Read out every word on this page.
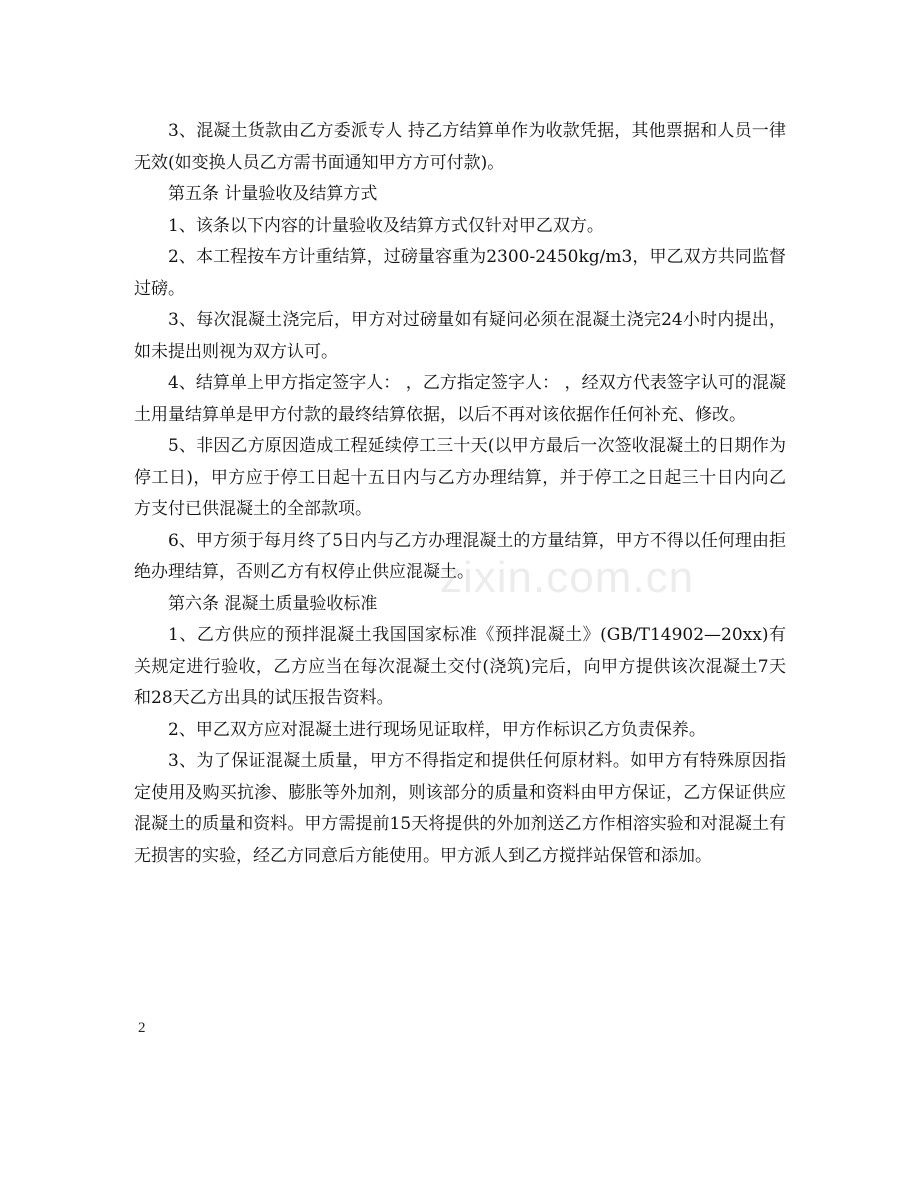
3、混凝土货款由乙方委派专人 持乙方结算单作为收款凭据，其他票据和人员一律无效(如变换人员乙方需书面通知甲方方可付款)。

第五条 计量验收及结算方式

1、该条以下内容的计量验收及结算方式仅针对甲乙双方。

2、本工程按车方计重结算，过磅量容重为2300-2450kg/m3，甲乙双方共同监督过磅。

3、每次混凝土浇完后，甲方对过磅量如有疑问必须在混凝土浇完24小时内提出，如未提出则视为双方认可。

4、结算单上甲方指定签字人： ，乙方指定签字人： ，经双方代表签字认可的混凝土用量结算单是甲方付款的最终结算依据，以后不再对该依据作任何补充、修改。

5、非因乙方原因造成工程延续停工三十天(以甲方最后一次签收混凝土的日期作为停工日)，甲方应于停工日起十五日内与乙方办理结算，并于停工之日起三十日内向乙方支付已供混凝土的全部款项。

6、甲方须于每月终了5日内与乙方办理混凝土的方量结算，甲方不得以任何理由拒绝办理结算，否则乙方有权停止供应混凝土。

第六条 混凝土质量验收标准

1、乙方供应的预拌混凝土我国国家标准《预拌混凝土》(GB/T14902—20xx)有关规定进行验收，乙方应当在每次混凝土交付(浇筑)完后，向甲方提供该次混凝土7天和28天乙方出具的试压报告资料。

2、甲乙双方应对混凝土进行现场见证取样，甲方作标识乙方负责保养。

3、为了保证混凝土质量，甲方不得指定和提供任何原材料。如甲方有特殊原因指定使用及购买抗渗、膨胀等外加剂，则该部分的质量和资料由甲方保证，乙方保证供应混凝土的质量和资料。甲方需提前15天将提供的外加剂送乙方作相溶实验和对混凝土有无损害的实验，经乙方同意后方能使用。甲方派人到乙方搅拌站保管和添加。

zixin.com.cn
2
